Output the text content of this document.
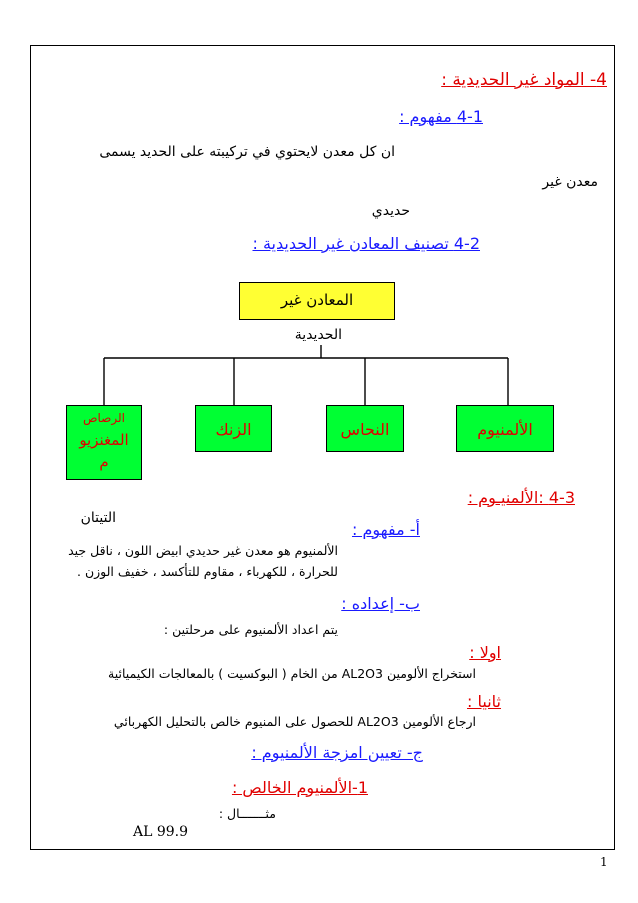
4- المواد غير الحديدية :
4-1 مفهوم :
ان كل معدن لايحتوي في تركيبته على الحديد يسمى
معدن غير
حديدي
4-2 تصنيف المعادن غير الحديدية :
المعادن غير
الحديدية
الرصاص
المغنزيو
م
التيتان
الزنك	النحاس	الألمنيوم
4-3 :الألمنيـوم :
أ- مفهوم :
الألمنيوم هو معدن غير حديدي ابيض اللون ، ناقل جيد
للحرارة ، للكهرباء ، مقاوم للتأكسد ، خفيف الوزن .
ب- إعداده :
يتم اعداد الألمنيوم على مرحلتين :
اولا :
استخراج الألومين AL2O3 من الخام ( البوكسيت ) بالمعالجات الكيميائية
ثانيا :
ارجاع الألومين AL2O3 للحصول على المنيوم خالص بالتحليل الكهربائي
ج- تعيين امزجة الألمنيوم :
1-الألمنيوم الخالص :
مثـــــــال :
AL 99.9
1
